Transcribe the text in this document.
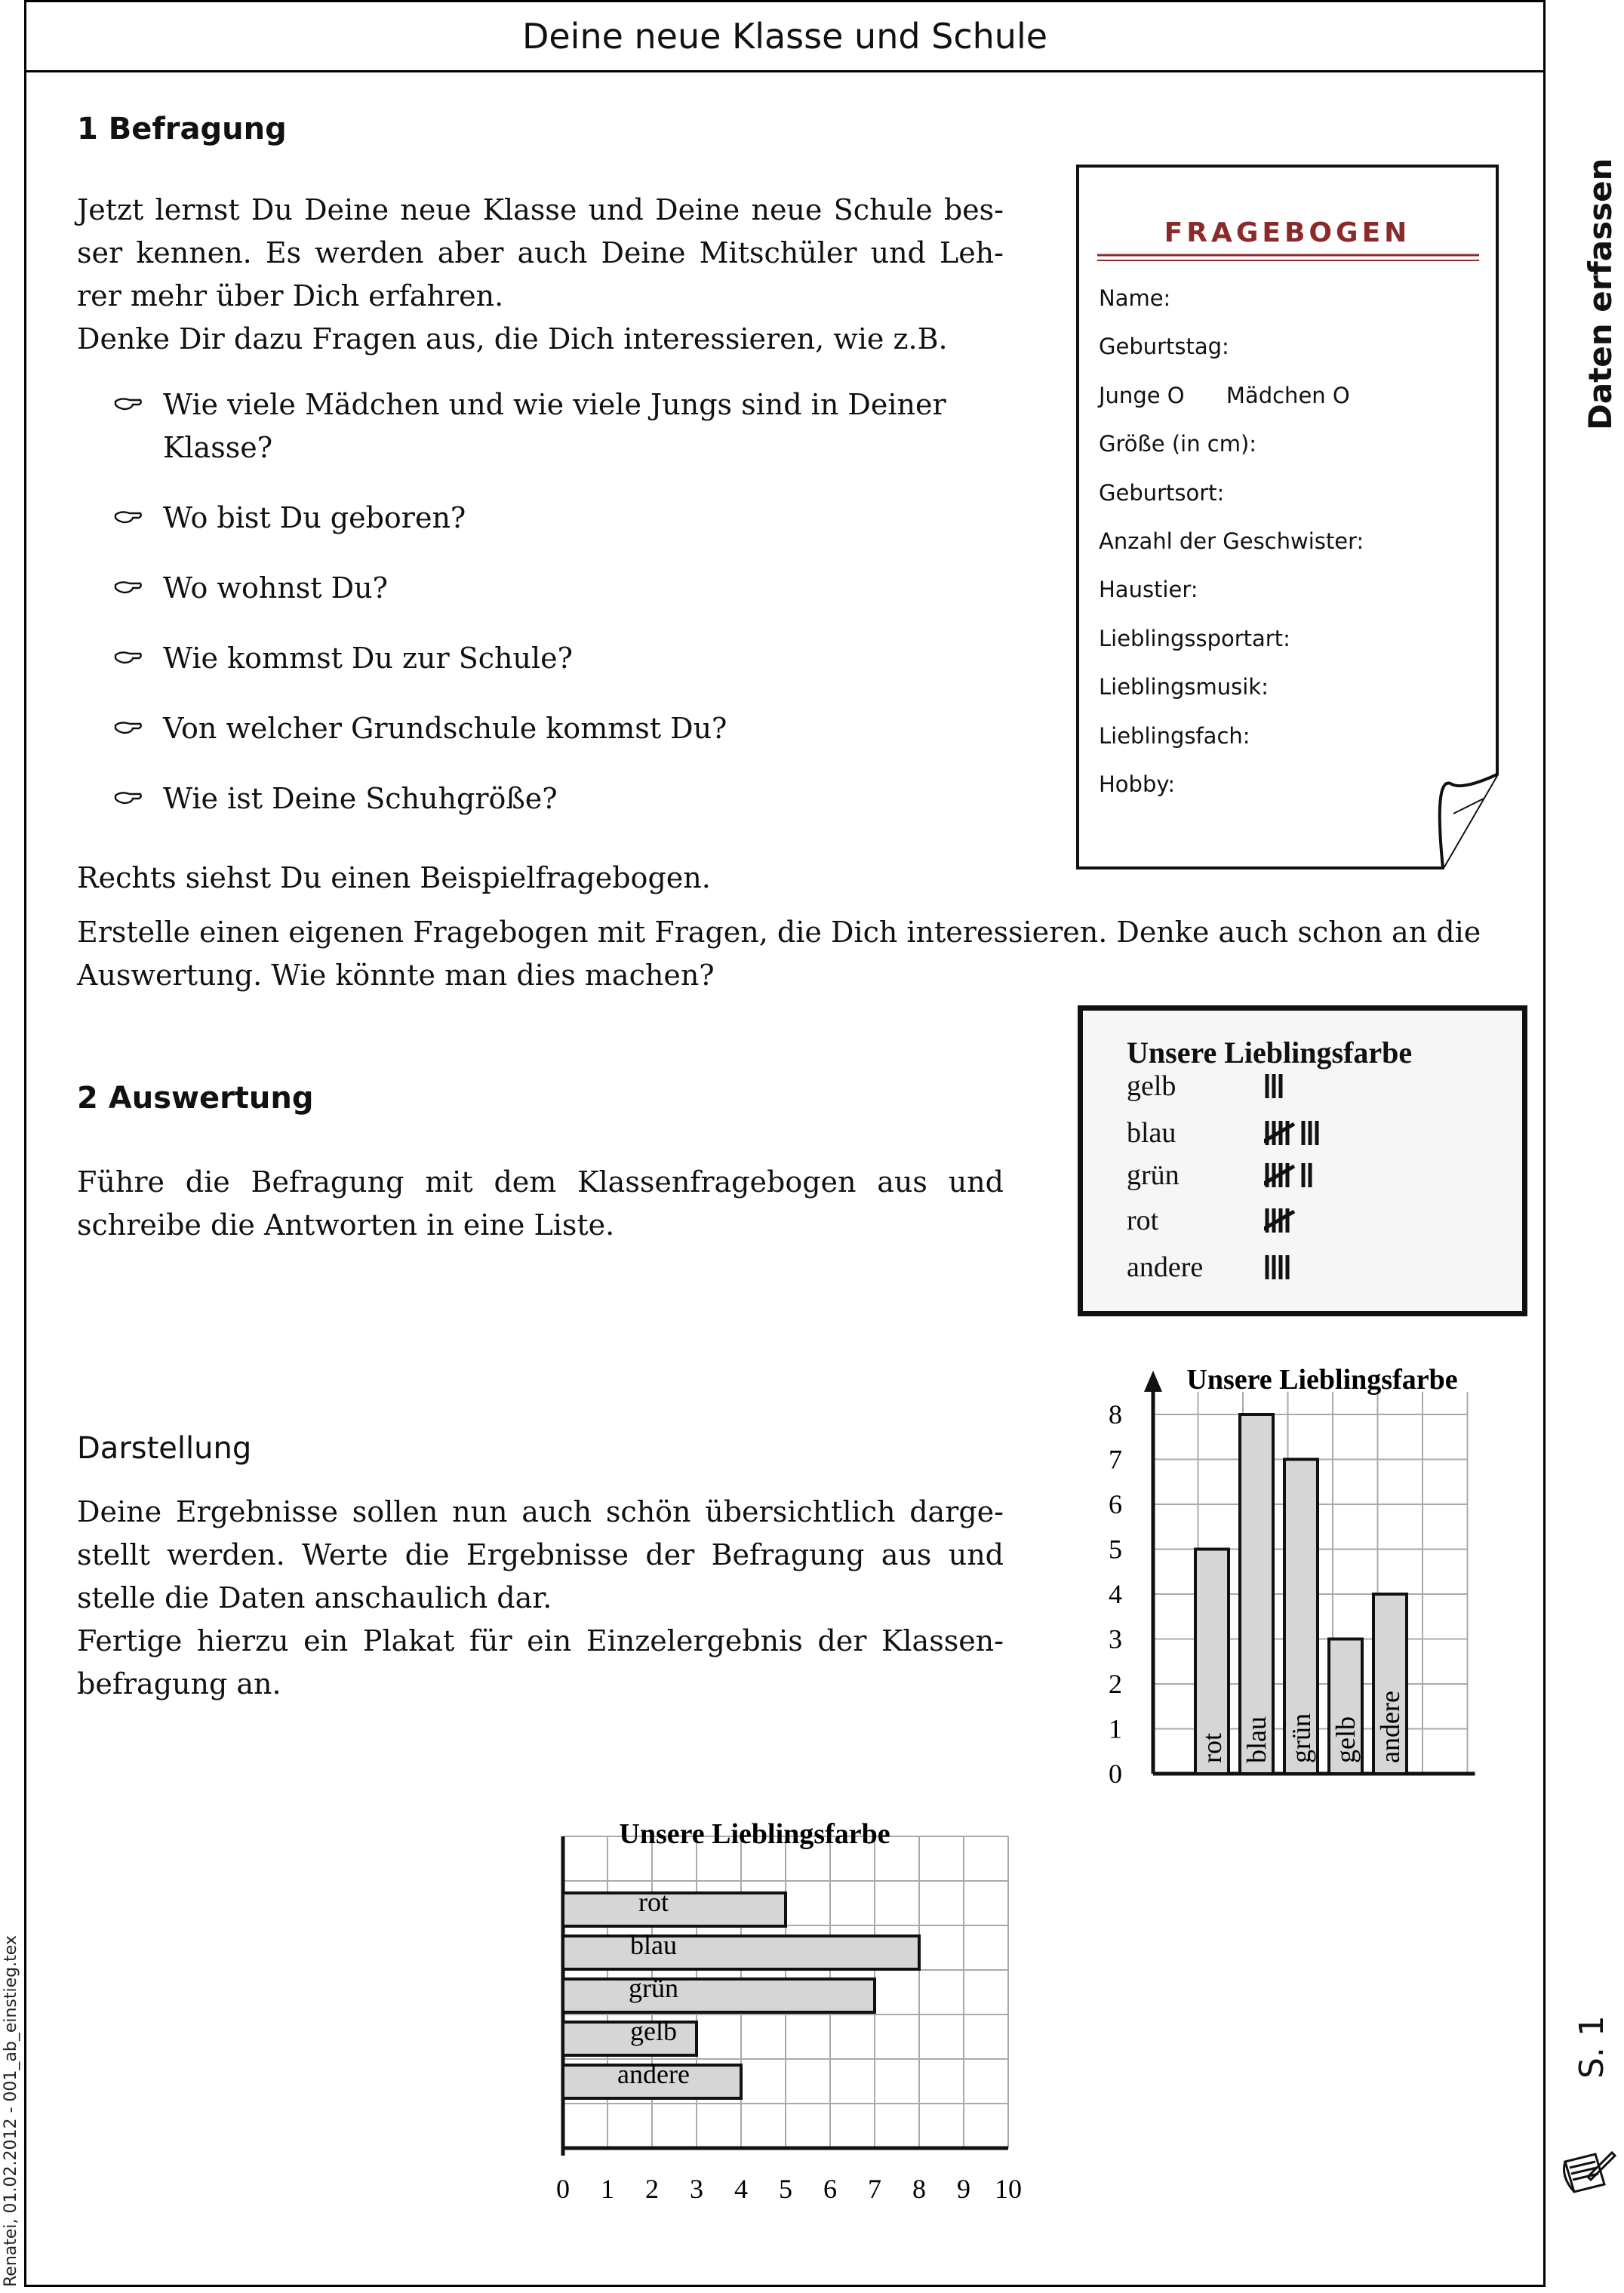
Deine neue Klasse und Schule
Daten erfassen
S. 1
Renatei, 01.02.2012 - 001_ab_einstieg.tex
1 Befragung

Jetzt lernst Du Deine neue Klasse und Deine neue Schule bes-

ser kennen. Es werden aber auch Deine Mitschüler und Leh-

rer mehr über Dich erfahren.

Denke Dir dazu Fragen aus, die Dich interessieren, wie z.B.

Wie viele Mädchen und wie viele Jungs sind in Deiner Klasse?
Wo bist Du geboren?
Wo wohnst Du?
Wie kommst Du zur Schule?
Von welcher Grundschule kommst Du?
Wie ist Deine Schuhgröße?

Rechts siehst Du einen Beispielfragebogen.

Erstelle einen eigenen Fragebogen mit Fragen, die Dich interessieren. Denke auch schon an die

Auswertung. Wie könnte man dies machen?

FRAGEBOGEN
Name:
Geburtstag:
Junge O      Mädchen O
Größe (in cm):
Geburtsort:
Anzahl der Geschwister:
Haustier:
Lieblingssportart:
Lieblingsmusik:
Lieblingsfach:
Hobby:
2 Auswertung

Führe die Befragung mit dem Klassenfragebogen aus und

schreibe die Antworten in eine Liste.

Unsere Lieblingsfarbe
gelb
blau
grün
rot
andere
Darstellung

Deine Ergebnisse sollen nun auch schön übersichtlich darge-

stellt werden. Werte die Ergebnisse der Befragung aus und

stelle die Daten anschaulich dar.

Fertige hierzu ein Plakat für ein Einzelergebnis der Klassen-

befragung an.

Unsere Lieblingsfarbe
0
1
2
3
4
5
6
7
8
rot blau grün gelb andere
Unsere Lieblingsfarbe
0 1 2 3 4 5 6 7 8 9 10
rot
blau
grün
gelb
andere
